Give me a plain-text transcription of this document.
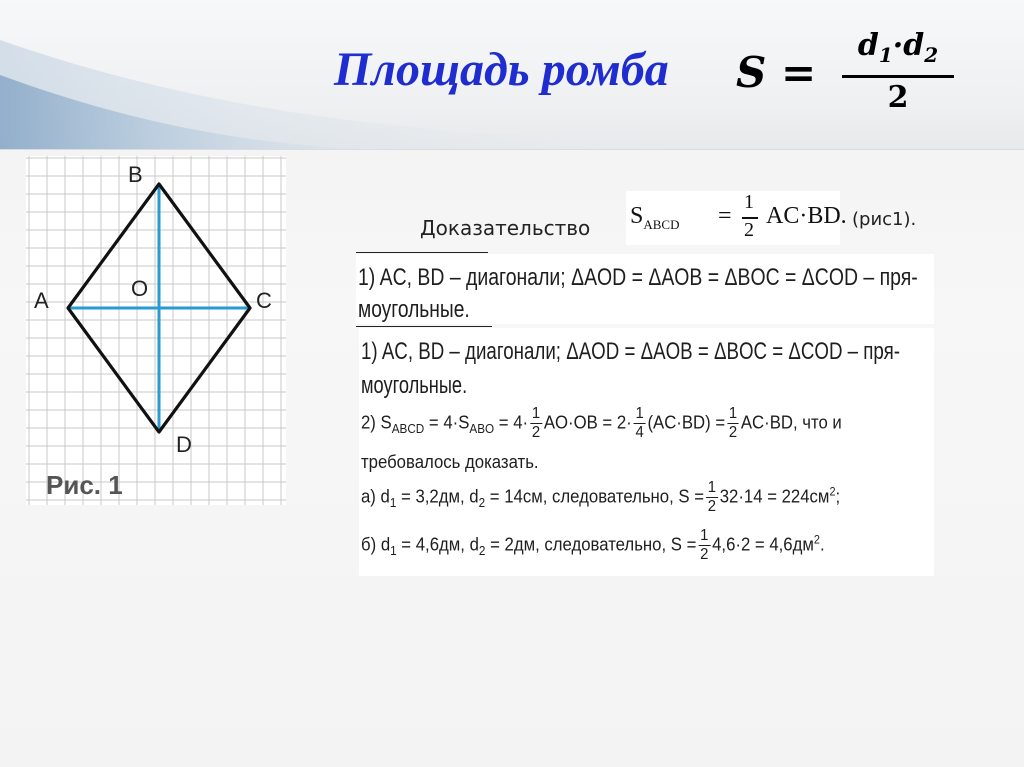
Площадь ромба S =
$d_1\cdot d_2$
2
B
A	O	C
D
Рис. 1
Доказательство $S_{ABCD}$ =
1
2
AC·BD. (рис1).
1) AC, BD – диагонали; ΔAOD = ΔAOB = ΔBOC = ΔCOD – пря-
моугольные.
1) AC, BD – диагонали; ΔAOD = ΔAOB = ΔBOC = ΔCOD – пря-
моугольные.
2) $S_{ABCD} = 4\cdot S_{ABO} = 4\cdot \frac{1}{2} AO\cdot OB = 2\cdot \frac{1}{4} (AC\cdot BD) = \frac{1}{2} AC\cdot BD$, что и
требовалось доказать.
а) $d_1 = 3,2дм$, $d_2 = 14см$, следовательно, $S = \frac{1}{2} 32\cdot 14 = 224см^2$;
б) $d_1 = 4,6дм$, $d_2 = 2дм$, следовательно, $S = \frac{1}{2} 4,6\cdot 2 = 4,6дм^2$.
